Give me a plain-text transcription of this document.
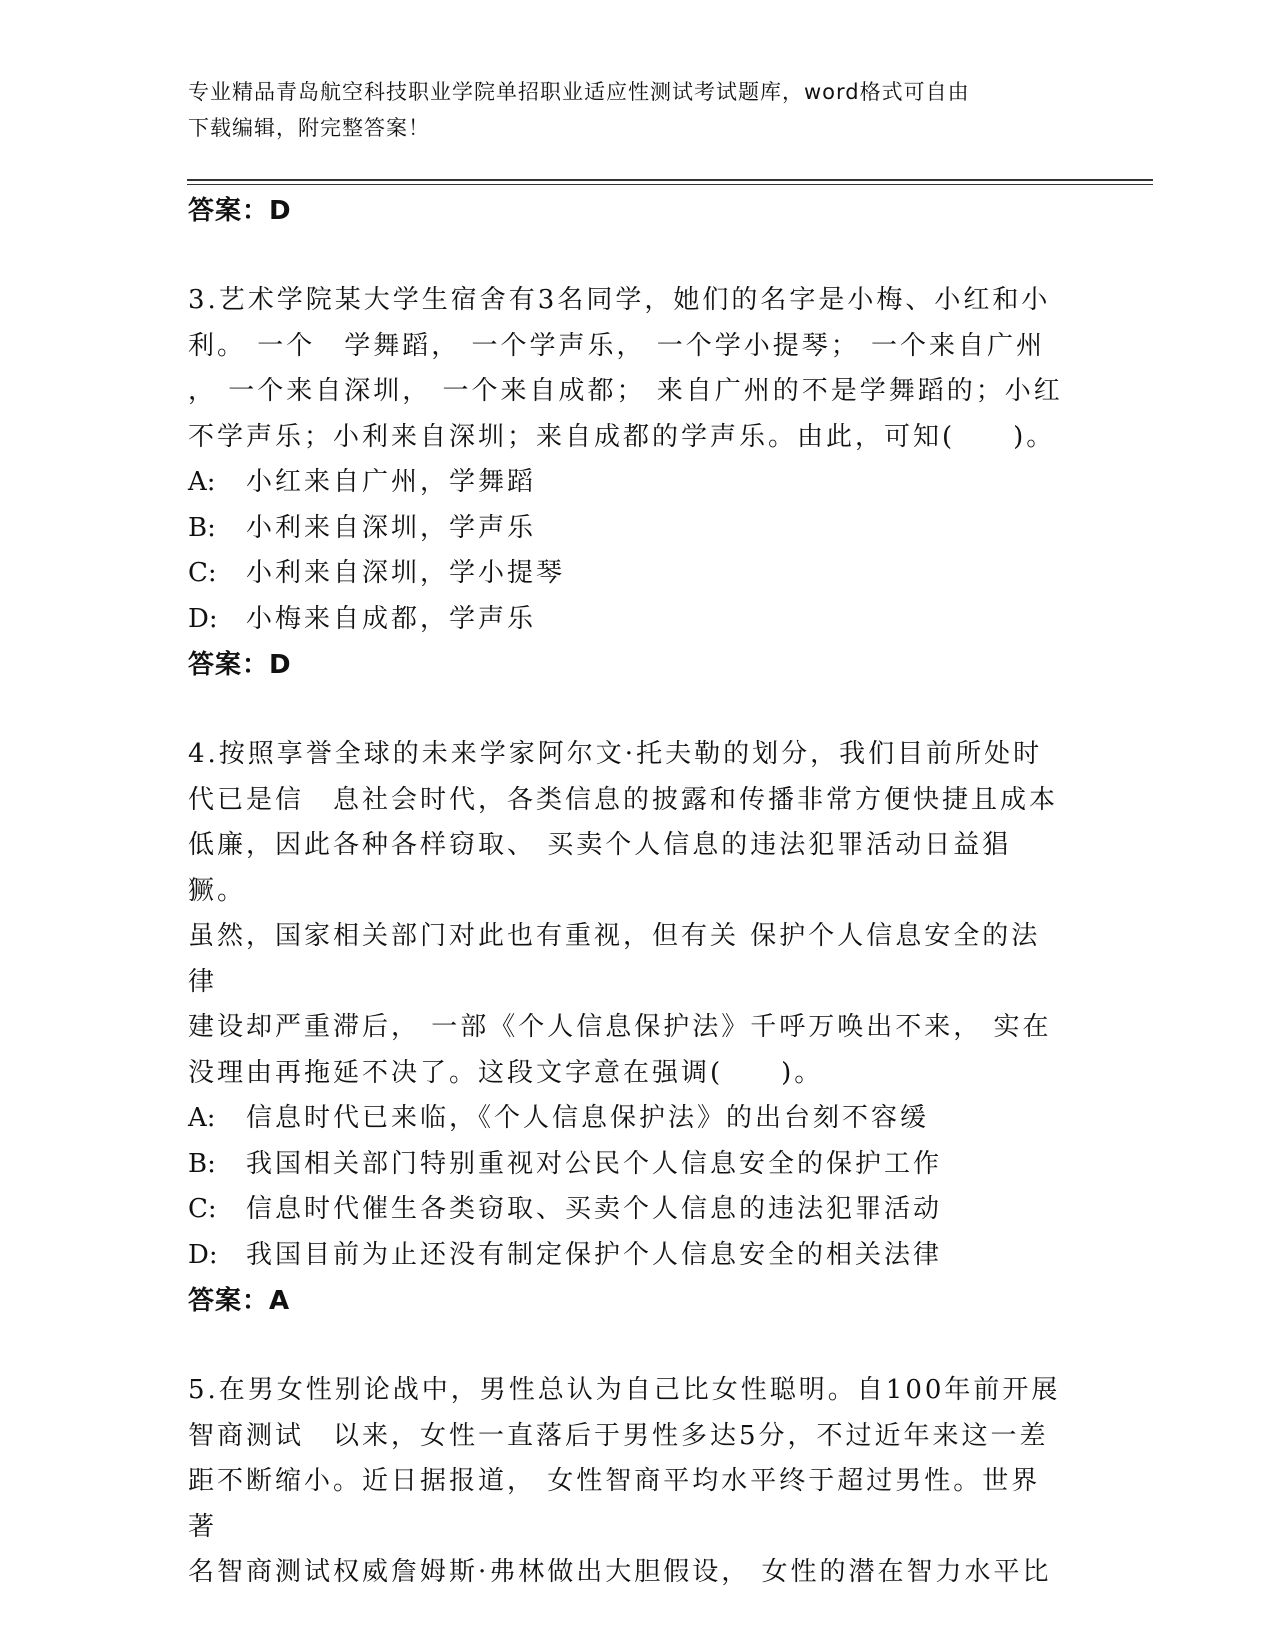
专业精品青岛航空科技职业学院单招职业适应性测试考试题库，word格式可自由
下载编辑，附完整答案！
答案：D
3.艺术学院某大学生宿舍有3名同学，她们的名字是小梅、小红和小
利。 一个　学舞蹈， 一个学声乐， 一个学小提琴； 一个来自广州
， 一个来自深圳， 一个来自成都； 来自广州的不是学舞蹈的；小红
不学声乐；小利来自深圳；来自成都的学声乐。由此，可知(　　)。
A: 小红来自广州，学舞蹈
B: 小利来自深圳，学声乐
C: 小利来自深圳，学小提琴
D: 小梅来自成都，学声乐
答案：D
4.按照享誉全球的未来学家阿尔文·托夫勒的划分，我们目前所处时
代已是信　息社会时代，各类信息的披露和传播非常方便快捷且成本
低廉，因此各种各样窃取、 买卖个人信息的违法犯罪活动日益猖獗。
虽然，国家相关部门对此也有重视，但有关 保护个人信息安全的法律
建设却严重滞后， 一部《个人信息保护法》千呼万唤出不来， 实在
没理由再拖延不决了。这段文字意在强调(　　)。
A: 信息时代已来临，《个人信息保护法》的出台刻不容缓
B: 我国相关部门特别重视对公民个人信息安全的保护工作
C: 信息时代催生各类窃取、买卖个人信息的违法犯罪活动
D: 我国目前为止还没有制定保护个人信息安全的相关法律
答案：A
5.在男女性别论战中，男性总认为自己比女性聪明。自100年前开展
智商测试　以来，女性一直落后于男性多达5分，不过近年来这一差
距不断缩小。近日据报道， 女性智商平均水平终于超过男性。世界著
名智商测试权威詹姆斯·弗林做出大胆假设， 女性的潜在智力水平比
